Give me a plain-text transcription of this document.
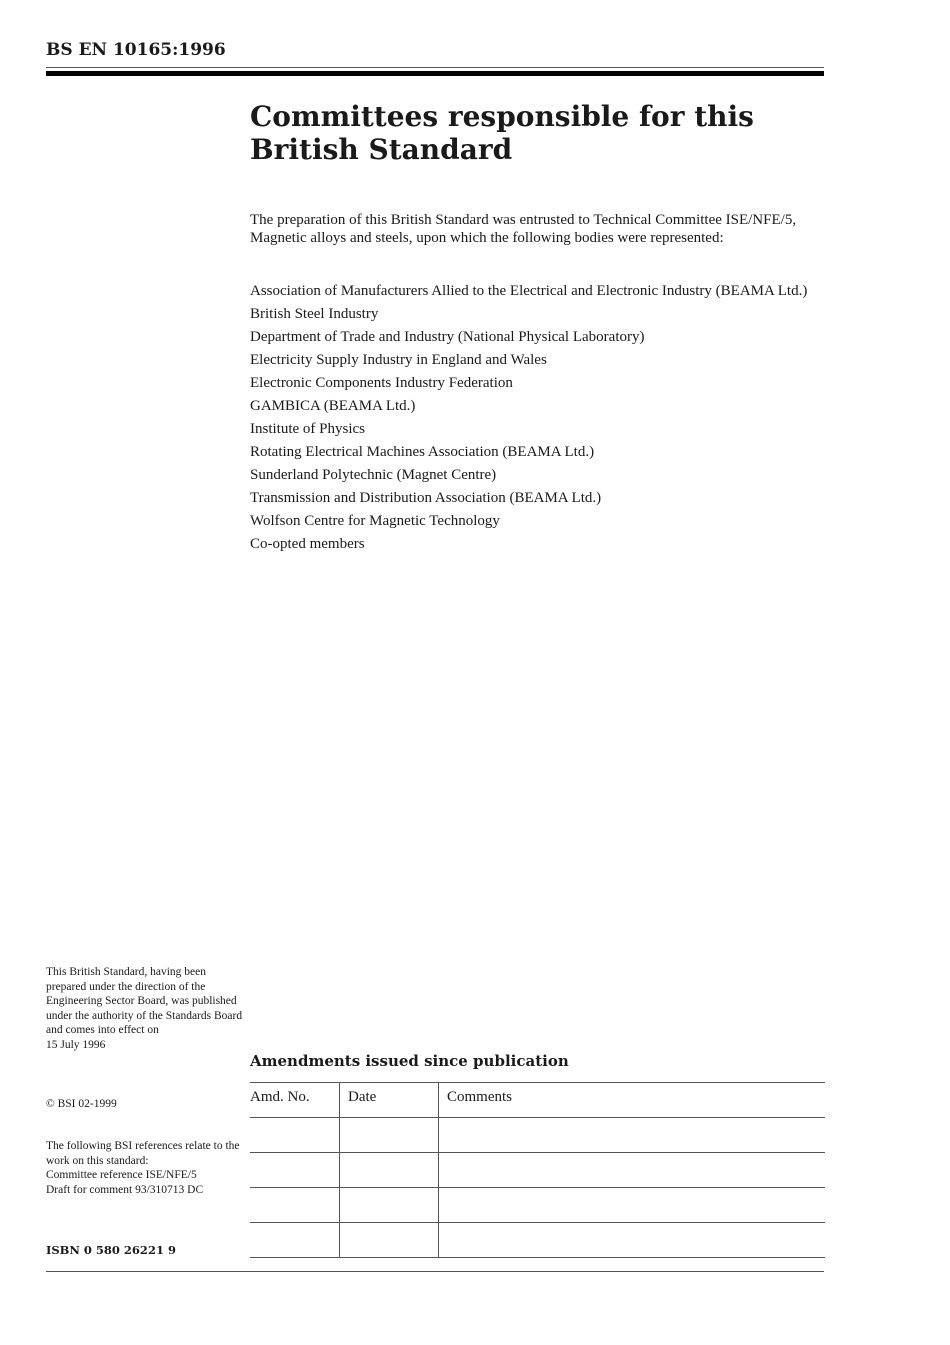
BS EN 10165:1996
Committees responsible for this
British Standard

The preparation of this British Standard was entrusted to Technical Committee ISE/NFE/5, Magnetic alloys and steels, upon which the following bodies were represented:

Association of Manufacturers Allied to the Electrical and Electronic Industry (BEAMA Ltd.)
British Steel Industry
Department of Trade and Industry (National Physical Laboratory)
Electricity Supply Industry in England and Wales
Electronic Components Industry Federation
GAMBICA (BEAMA Ltd.)
Institute of Physics
Rotating Electrical Machines Association (BEAMA Ltd.)
Sunderland Polytechnic (Magnet Centre)
Transmission and Distribution Association (BEAMA Ltd.)
Wolfson Centre for Magnetic Technology
Co-opted members

This British Standard, having been prepared under the direction of the Engineering Sector Board, was published under the authority of the Standards Board and comes into effect on

15 July 1996

© BSI 02-1999

The following BSI references relate to the work on this standard:

Committee reference ISE/NFE/5

Draft for comment 93/310713 DC

Amendments issued since publication
Amd. No.	Date	Comments

ISBN 0 580 26221 9
